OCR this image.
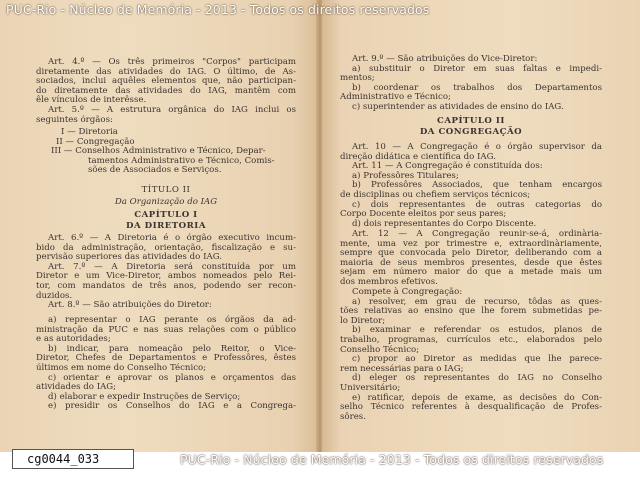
Art. 4.º — Os três primeiros "Corpos" participam
diretamente das atividades do IAG. O último, de As-
sociados, inclui aquêles elementos que, não participan-
do diretamente das atividades do IAG, mantêm com
êle vínculos de interêsse.
Art. 5.º — A estrutura orgânica do IAG inclui os
seguintes órgãos:
I — Diretoria
II — Congregação
III — Conselhos Administrativo e Técnico, Depar-
tamentos Administrativo e Técnico, Comis-
sões de Associados e Serviços.
TÍTULO II
Da Organização do IAG
CAPÍTULO I
DA DIRETORIA
Art. 6.º — A Diretoria é o órgão executivo incum-
bido da administração, orientação, fiscalização e su-
pervisão superiores das atividades do IAG.
Art. 7.º — A Diretoria será constituída por um
Diretor e um Vice-Diretor, ambos nomeados pelo Rei-
tor, com mandatos de três anos, podendo ser recon-
duzidos.
Art. 8.º — São atribuições do Diretor:
a) representar o IAG perante os órgãos da ad-
ministração da PUC e nas suas relações com o público
e as autoridades;
b) indicar, para nomeação pelo Reitor, o Vice-
Diretor, Chefes de Departamentos e Professôres, êstes
últimos em nome do Conselho Técnico;
c) orientar e aprovar os planos e orçamentos das
atividades do IAG;
d) elaborar e expedir Instruções de Serviço;
e) presidir os Conselhos do IAG e a Congrega-
Art. 9.º — São atribuições do Vice-Diretor:
a) substituir o Diretor em suas faltas e impedi-
mentos;
b) coordenar os trabalhos dos Departamentos
Administrativo e Técnico;
c) superintender as atividades de ensino do IAG.
CAPÍTULO II
DA CONGREGAÇÃO
Art. 10 — A Congregação é o órgão supervisor da
direção didática e científica do IAG.
Art. 11 — A Congregação é constituída dos:
a) Professôres Titulares;
b) Professôres Associados, que tenham encargos
de disciplinas ou chefiem serviços técnicos;
c) dois representantes de outras categorias do
Corpo Docente eleitos por seus pares;
d) dois representantes do Corpo Discente.
Art. 12 — A Congregação reunir-se-á, ordinària-
mente, uma vez por trimestre e, extraordinàriamente,
sempre que convocada pelo Diretor, deliberando com a
maioria de seus membros presentes, desde que êstes
sejam em número maior do que a metade mais um
dos membros efetivos.
Compete à Congregação:
a) resolver, em grau de recurso, tôdas as ques-
tões relativas ao ensino que lhe forem submetidas pe-
lo Diretor;
b) examinar e referendar os estudos, planos de
trabalho, programas, currículos etc., elaborados pelo
Conselho Técnico;
c) propor ao Diretor as medidas que lhe parece-
rem necessárias para o IAG;
d) eleger os representantes do IAG no Conselho
Universitário;
e) ratificar, depois de exame, as decisões do Con-
selho Técnico referentes à desqualificação de Profes-
sôres.
PUC-Rio - Núcleo de Memória - 2013 - Todos os direitos reservados
PUC-Rio - Núcleo de Memória - 2013 - Todos os direitos reservados
cg0044_033
